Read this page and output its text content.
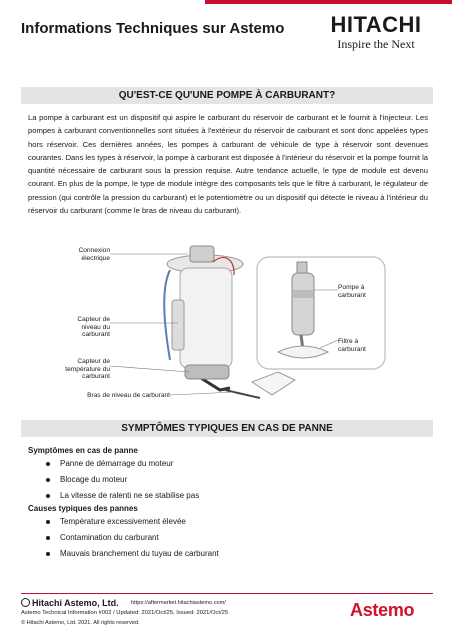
Informations Techniques sur Astemo	HITACHI
Inspire the Next
QU'EST-CE QU'UNE POMPE À CARBURANT?
La pompe à carburant est un dispositif qui aspire le carburant du réservoir de carburant et le fournit à l'injecteur. Les pompes à carburant conventionnelles sont situées à l'extérieur du réservoir de carburant et sont donc appelées types hors réservoir. Ces dernières années, les pompes à carburant de véhicule de type à réservoir sont devenues courantes. Dans les types à réservoir, la pompe à carburant est disposée à l'intérieur du réservoir et la pompe fournit la quantité nécessaire de carburant sous la pression requise. Autre tendance actuelle, le type de module est devenu courant. En plus de la pompe, le type de module intègre des composants tels que le filtre à carburant, le régulateur de pression (qui contrôle la pression du carburant) et le potentiomètre ou un dispositif qui détecte le niveau à l'intérieur du réservoir du carburant (comme le bras de niveau du carburant).
Connexion électrique
Capteur de niveau du carburant
Capteur de température du carburant
Bras de niveau de carburant
Pompe à carburant
Filtre à carburant
SYMPTÔMES TYPIQUES EN CAS DE PANNE
Symptômes en cas de panne
Panne de démarrage du moteur
Blocage du moteur
La vitesse de ralenti ne se stabilise pas
Causes typiques des pannes
Température excessivement élevée
Contamination du carburant
Mauvais branchement du tuyau de carburant
Hitachi Astemo, Ltd. https://aftermarket.hitachiastemo.com/
Astemo Technical Information #002 / Updated: 2021/Oct/25, Issued: 2021/Oct/25
© Hitachi Astemo, Ltd. 2021. All rights reserved.
Astemo
